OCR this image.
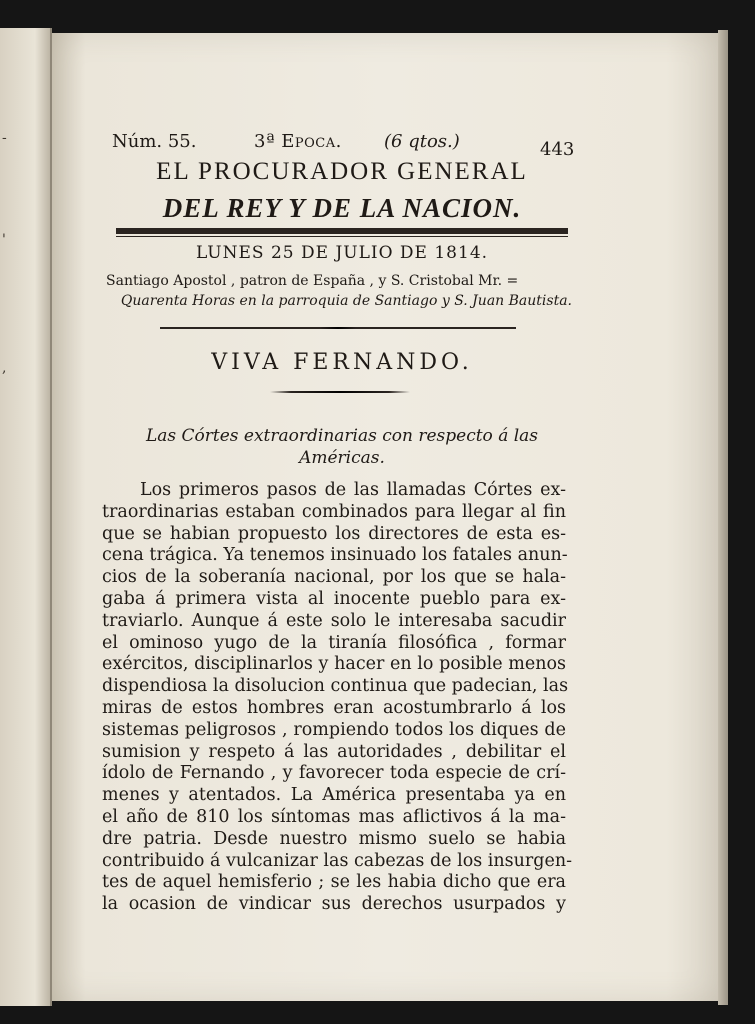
-
'
,
Núm. 55.	3ª Epoca. (6 qtos.)	443
EL PROCURADOR GENERAL
DEL REY Y DE LA NACION.
LUNES 25 DE JULIO DE 1814.
Santiago Apostol , patron de España , y S. Cristobal Mr. =
Quarenta Horas en la parroquia de Santiago y S. Juan Bautista.
VIVA FERNANDO.
Las Córtes extraordinarias con respecto á las
Américas.
Los primeros pasos de las llamadas Córtes ex-
traordinarias estaban combinados para llegar al fin
que se habian propuesto los directores de esta es-
cena trágica. Ya tenemos insinuado los fatales anun-
cios de la soberanía nacional, por los que se hala-
gaba á primera vista al inocente pueblo para ex-
traviarlo. Aunque á este solo le interesaba sacudir
el ominoso yugo de la tiranía filosófica , formar
exércitos, disciplinarlos y hacer en lo posible menos
dispendiosa la disolucion continua que padecian, las
miras de estos hombres eran acostumbrarlo á los
sistemas peligrosos , rompiendo todos los diques de
sumision y respeto á las autoridades , debilitar el
ídolo de Fernando , y favorecer toda especie de crí-
menes y atentados. La América presentaba ya en
el año de 810 los síntomas mas aflictivos á la ma-
dre patria. Desde nuestro mismo suelo se habia
contribuido á vulcanizar las cabezas de los insurgen-
tes de aquel hemisferio ; se les habia dicho que era
la ocasion de vindicar sus derechos usurpados y
